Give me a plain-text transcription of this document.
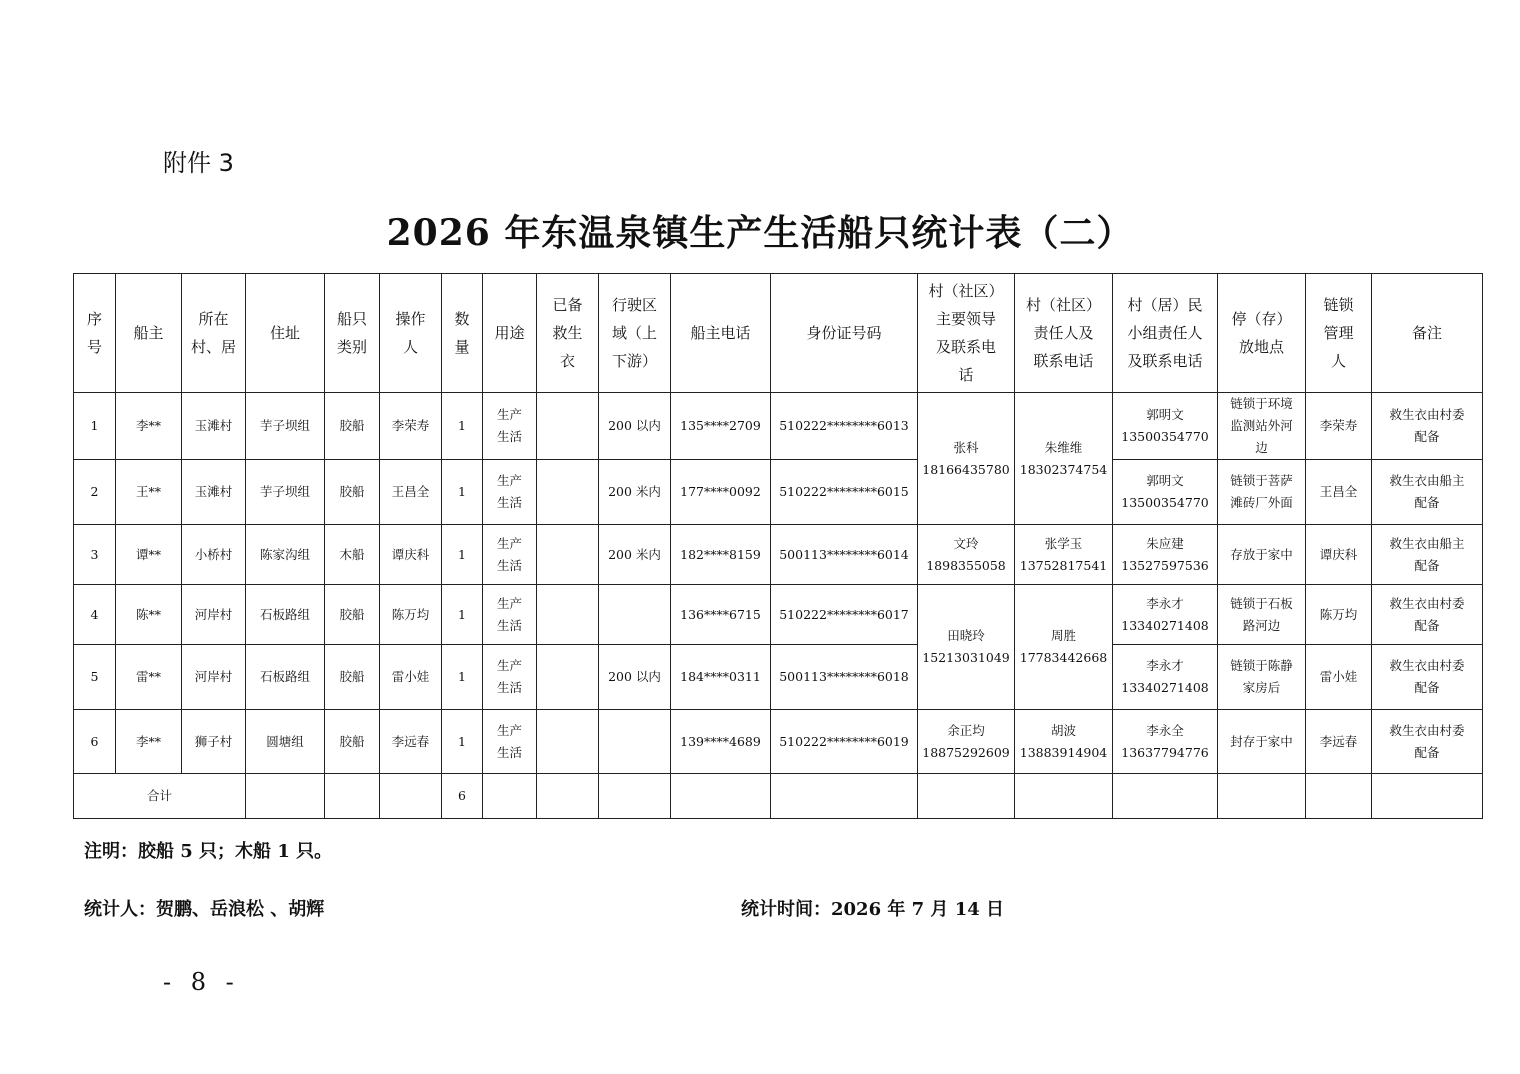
附件 3
2026 年东温泉镇生产生活船只统计表（二）
序
号	船主	所在
村、居	住址	船只
类别	操作
人	数
量	用途	已备
救生
衣	行驶区
域（上
下游）	船主电话	身份证号码	村（社区）
主要领导
及联系电
话	村（社区）
责任人及
联系电话	村（居）民
小组责任人
及联系电话	停（存）
放地点	链锁
管理
人	备注
1	李**	玉滩村	芋子坝组	胶船	李荣寿	1	生产
生活		200 以内	135****2709	510222********6013	张科
18166435780	朱维维
18302374754	郭明文
13500354770	链锁于环境
监测站外河
边	李荣寿	救生衣由村委
配备
2	王**	玉滩村	芋子坝组	胶船	王昌全	1	生产
生活		200 米内	177****0092	510222********6015			郭明文
13500354770	链锁于菩萨
滩砖厂外面	王昌全	救生衣由船主
配备
3	谭**	小桥村	陈家沟组	木船	谭庆科	1	生产
生活		200 米内	182****8159	500113********6014	文玲
1898355058	张学玉
13752817541	朱应建
13527597536	存放于家中	谭庆科	救生衣由船主
配备
4	陈**	河岸村	石板路组	胶船	陈万均	1	生产
生活			136****6715	510222********6017	田晓玲
15213031049	周胜
17783442668	李永才
13340271408	链锁于石板
路河边	陈万均	救生衣由村委
配备
5	雷**	河岸村	石板路组	胶船	雷小娃	1	生产
生活		200 以内	184****0311	500113********6018			李永才
13340271408	链锁于陈静
家房后	雷小娃	救生衣由村委
配备
6	李**	狮子村	圆塘组	胶船	李远春	1	生产
生活			139****4689	510222********6019	余正均
18875292609	胡波
13883914904	李永全
13637794776	封存于家中	李远春	救生衣由村委
配备
合计						6											
注明：胶船 5 只；木船 1 只。
统计人：贺鹏、岳浪松 、胡辉	统计时间：2026 年 7 月 14 日
- 8 -
